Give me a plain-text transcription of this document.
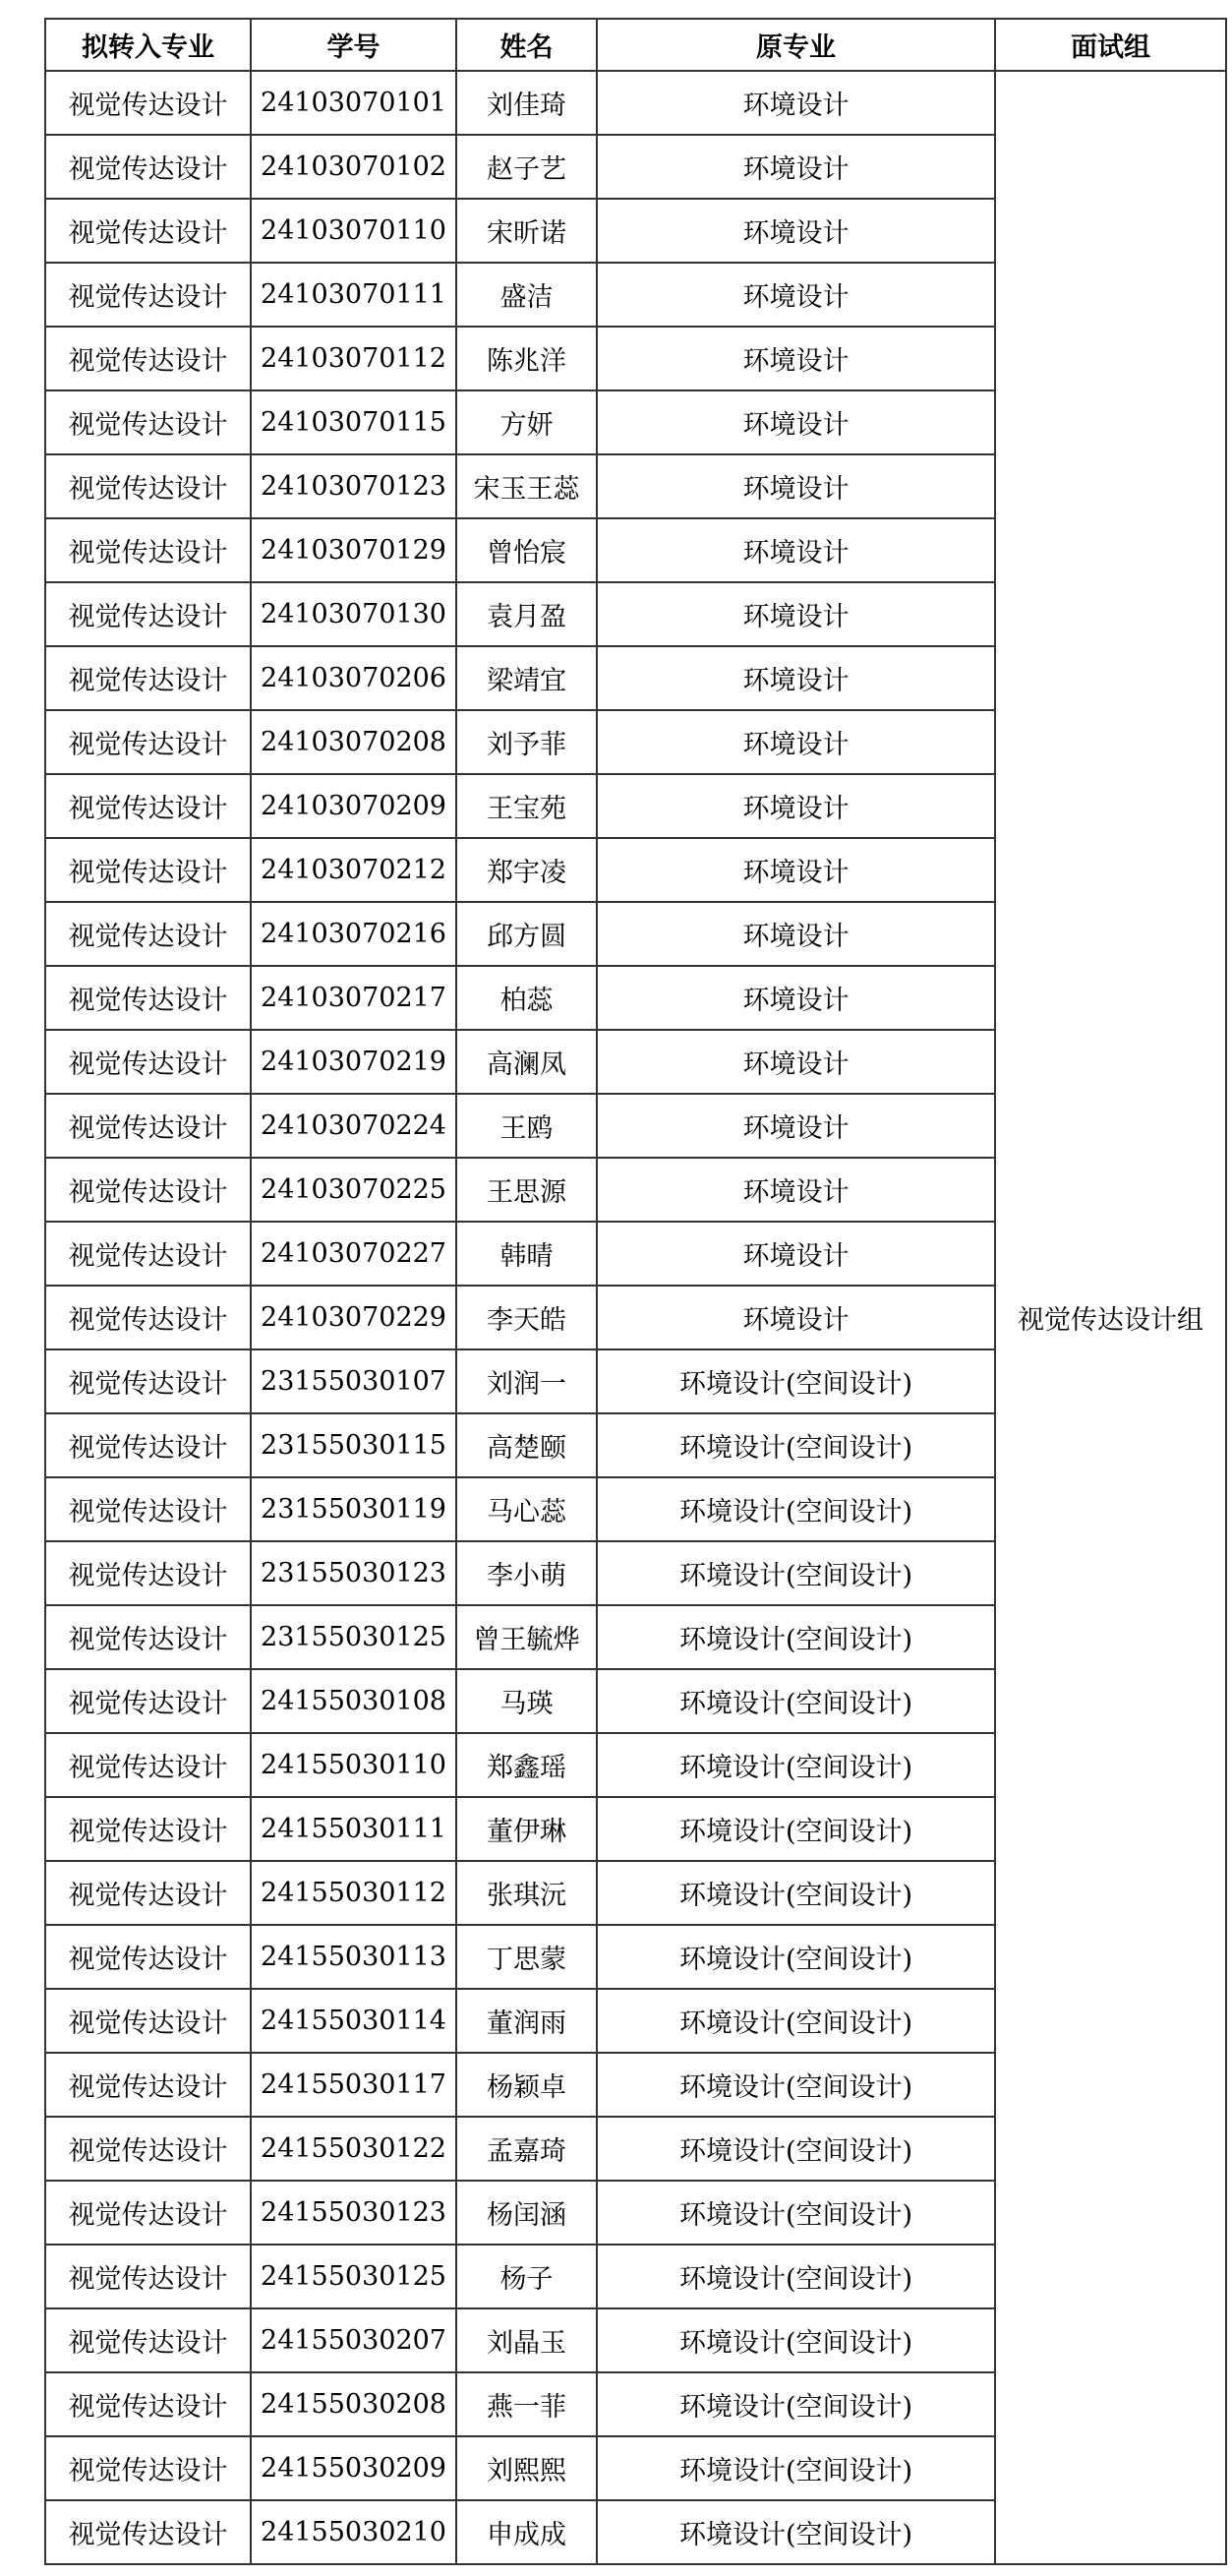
拟转入专业	学号	姓名	原专业	面试组
视觉传达设计	24103070101	刘佳琦	环境设计	视觉传达设计组
视觉传达设计	24103070102	赵子艺	环境设计	
视觉传达设计	24103070110	宋昕诺	环境设计	
视觉传达设计	24103070111	盛洁	环境设计	
视觉传达设计	24103070112	陈兆洋	环境设计	
视觉传达设计	24103070115	方妍	环境设计	
视觉传达设计	24103070123	宋玉王蕊	环境设计	
视觉传达设计	24103070129	曾怡宸	环境设计	
视觉传达设计	24103070130	袁月盈	环境设计	
视觉传达设计	24103070206	梁靖宜	环境设计	
视觉传达设计	24103070208	刘予菲	环境设计	
视觉传达设计	24103070209	王宝苑	环境设计	
视觉传达设计	24103070212	郑宇凌	环境设计	
视觉传达设计	24103070216	邱方圆	环境设计	
视觉传达设计	24103070217	柏蕊	环境设计	
视觉传达设计	24103070219	高澜凤	环境设计	
视觉传达设计	24103070224	王鸥	环境设计	
视觉传达设计	24103070225	王思源	环境设计	
视觉传达设计	24103070227	韩晴	环境设计	
视觉传达设计	24103070229	李天皓	环境设计	
视觉传达设计	23155030107	刘润一	环境设计(空间设计)	
视觉传达设计	23155030115	高楚颐	环境设计(空间设计)	
视觉传达设计	23155030119	马心蕊	环境设计(空间设计)	
视觉传达设计	23155030123	李小萌	环境设计(空间设计)	
视觉传达设计	23155030125	曾王毓烨	环境设计(空间设计)	
视觉传达设计	24155030108	马瑛	环境设计(空间设计)	
视觉传达设计	24155030110	郑鑫瑶	环境设计(空间设计)	
视觉传达设计	24155030111	董伊琳	环境设计(空间设计)	
视觉传达设计	24155030112	张琪沅	环境设计(空间设计)	
视觉传达设计	24155030113	丁思蒙	环境设计(空间设计)	
视觉传达设计	24155030114	董润雨	环境设计(空间设计)	
视觉传达设计	24155030117	杨颖卓	环境设计(空间设计)	
视觉传达设计	24155030122	孟嘉琦	环境设计(空间设计)	
视觉传达设计	24155030123	杨闰涵	环境设计(空间设计)	
视觉传达设计	24155030125	杨子	环境设计(空间设计)	
视觉传达设计	24155030207	刘晶玉	环境设计(空间设计)	
视觉传达设计	24155030208	燕一菲	环境设计(空间设计)	
视觉传达设计	24155030209	刘熙熙	环境设计(空间设计)	
视觉传达设计	24155030210	申成成	环境设计(空间设计)	
